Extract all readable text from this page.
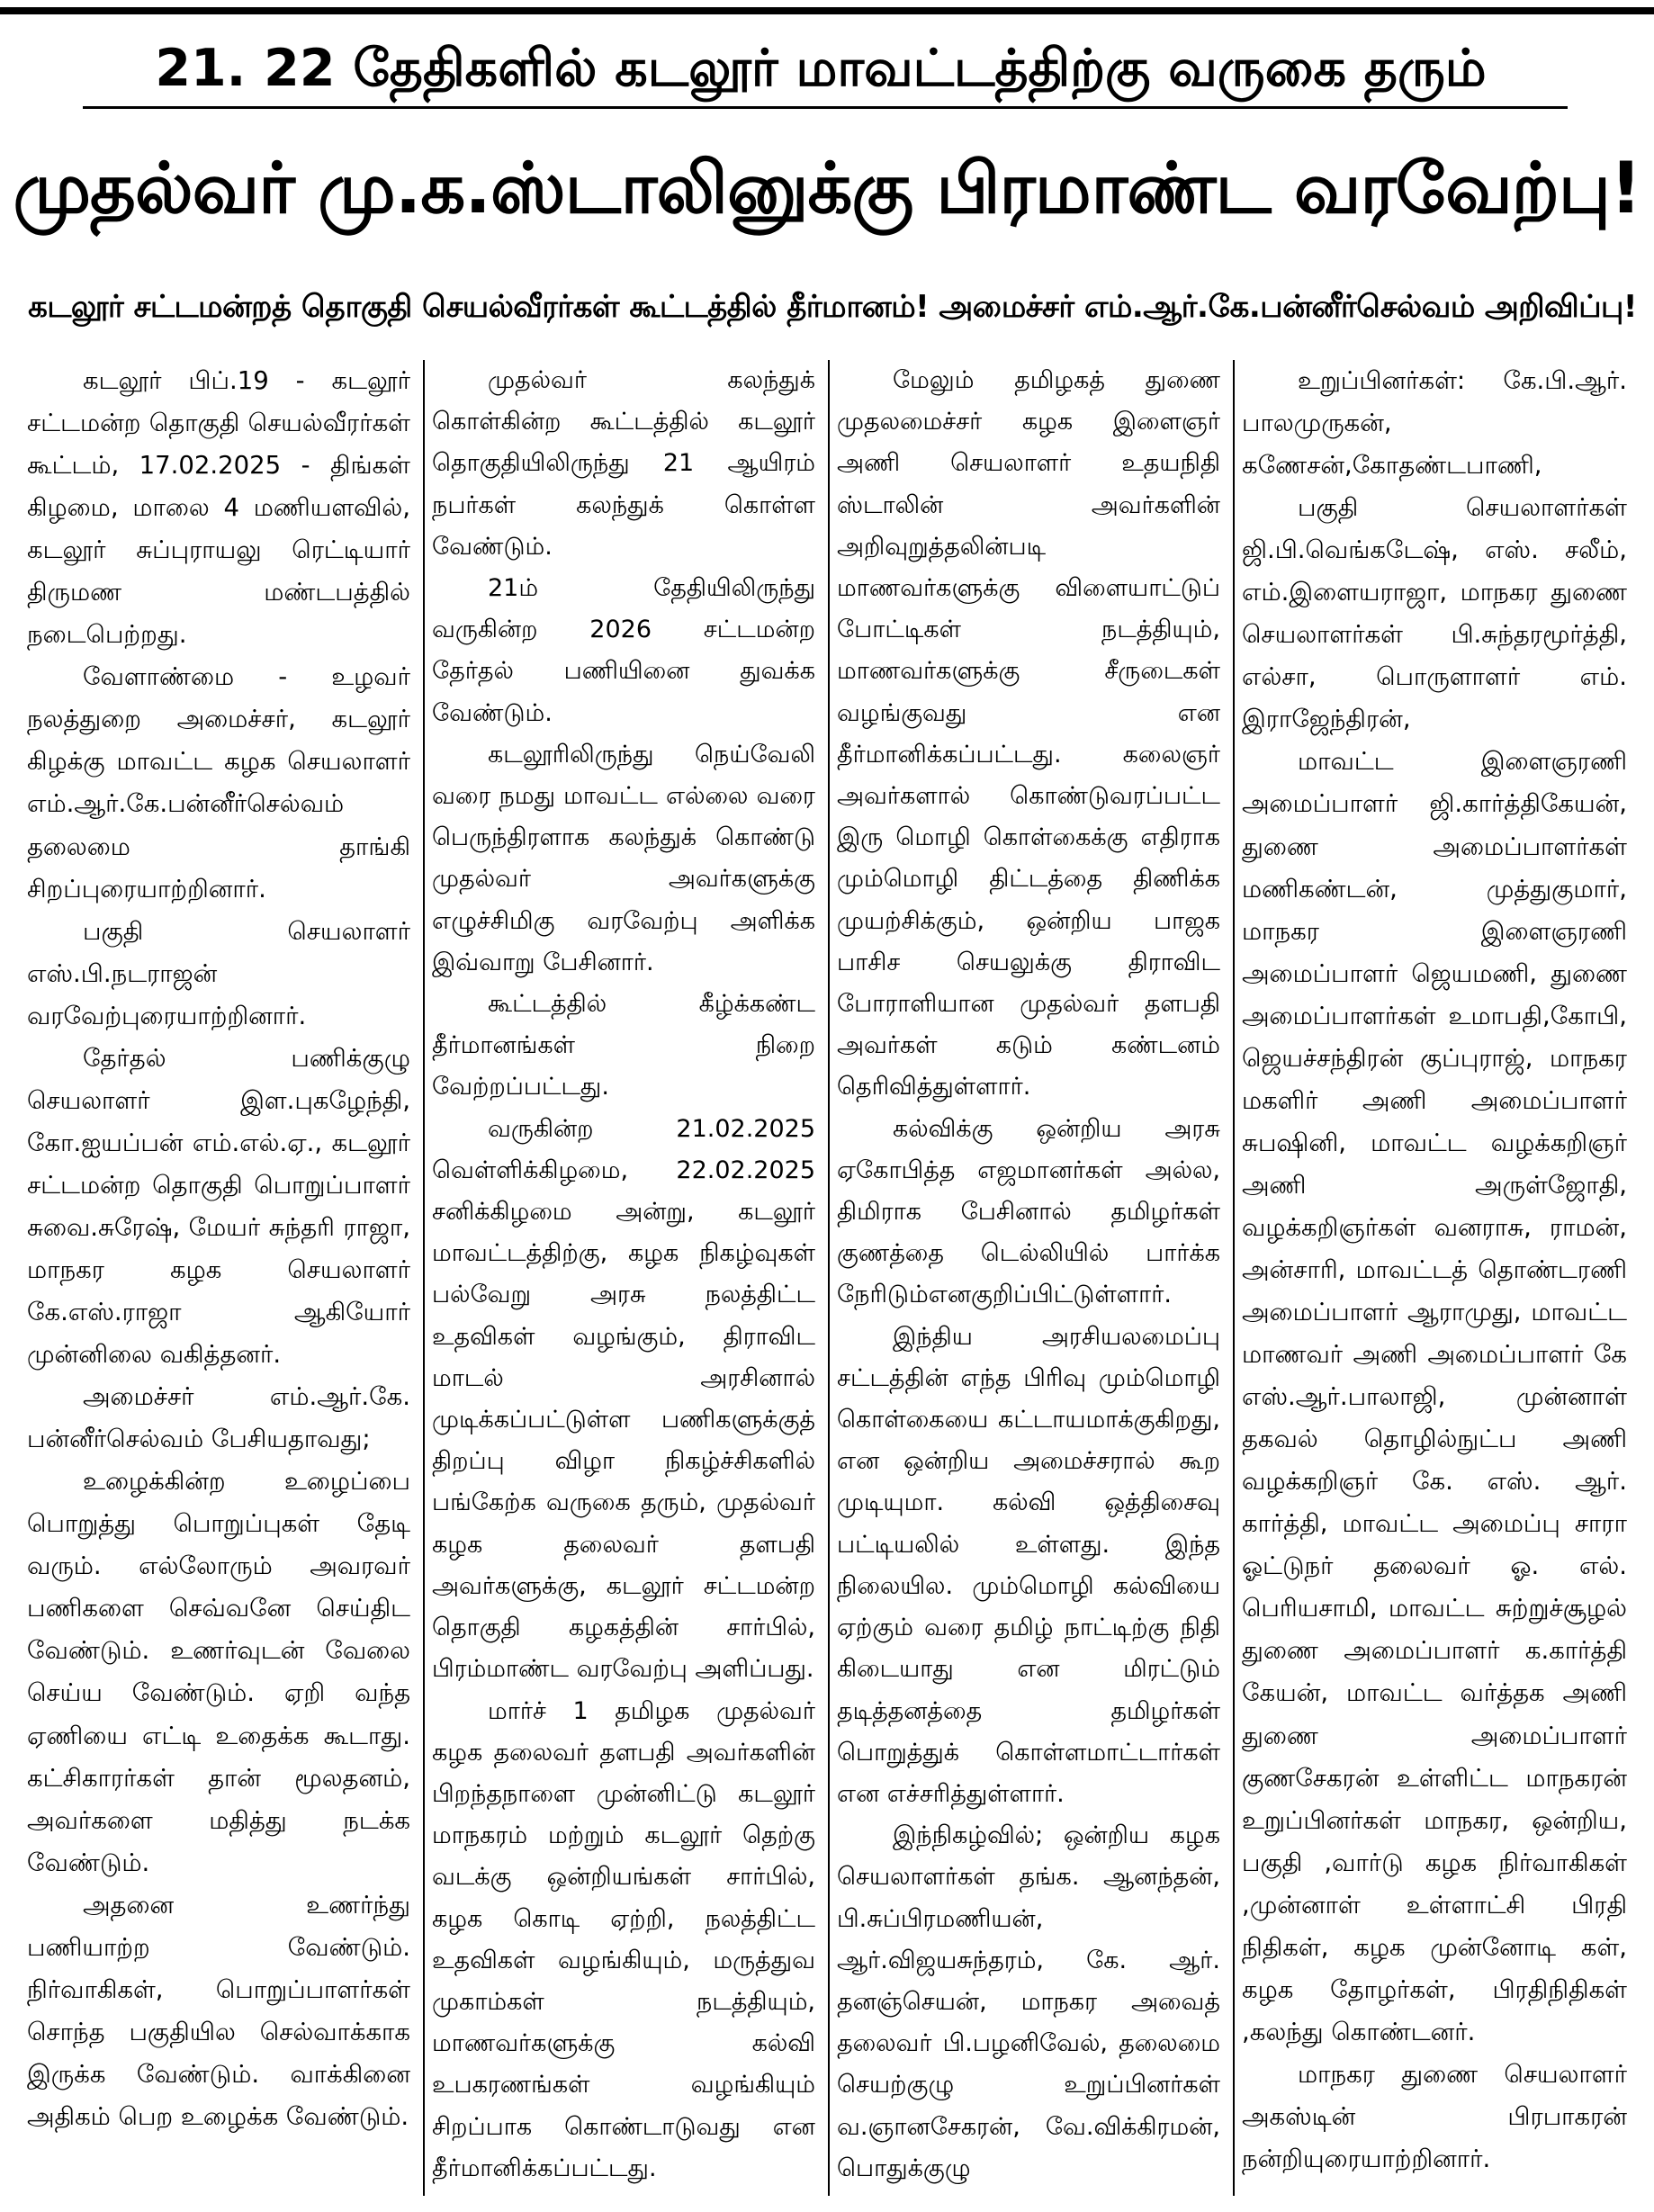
21. 22 தேதிகளில் கடலூர் மாவட்டத்திற்கு வருகை தரும்
முதல்வர் மு.க.ஸ்டாலினுக்கு பிரமாண்ட வரவேற்பு!
கடலூர் சட்டமன்றத் தொகுதி செயல்வீரர்கள் கூட்டத்தில் தீர்மானம்! அமைச்சர் எம்.ஆர்.கே.பன்னீர்செல்வம் அறிவிப்பு!

கடலூர் பிப்.19 - கடலூர் சட்டமன்ற தொகுதி செயல்வீரர்கள் கூட்டம், 17.02.2025 - திங்கள் கிழமை, மாலை 4 மணியளவில், கடலூர் சுப்புராயலு ரெட்டியார் திருமண மண்டபத்தில் நடைபெற்றது.

வேளாண்மை - உழவர் நலத்துறை அமைச்சர், கடலூர் கிழக்கு மாவட்ட கழக செயலாளர் எம்.ஆர்.கே.பன்னீர்செல்வம் தலைமை தாங்கி சிறப்புரையாற்றினார்.

பகுதி செயலாளர் எஸ்.பி.நடராஜன் வரவேற்புரையாற்றினார்.

தேர்தல் பணிக்குழு செயலாளர் இள.புகழேந்தி, கோ.ஐயப்பன் எம்.எல்.ஏ., கடலூர் சட்டமன்ற தொகுதி பொறுப்பாளர் சுவை.சுரேஷ், மேயர் சுந்தரி ராஜா, மாநகர கழக செயலாளர் கே.எஸ்.ராஜா ஆகியோர் முன்னிலை வகித்தனர்.

அமைச்சர் எம்.ஆர்.கே. பன்னீர்செல்வம் பேசியதாவது;

உழைக்கின்ற உழைப்பை பொறுத்து பொறுப்புகள் தேடி வரும். எல்லோரும் அவரவர் பணிகளை செவ்வனே செய்திட வேண்டும். உணர்வுடன் வேலை செய்ய வேண்டும். ஏறி வந்த ஏணியை எட்டி உதைக்க கூடாது. கட்சிகாரர்கள் தான் மூலதனம், அவர்களை மதித்து நடக்க வேண்டும்.

அதனை உணர்ந்து பணியாற்ற வேண்டும். நிர்வாகிகள், பொறுப்பாளர்கள் சொந்த பகுதியில செல்வாக்காக இருக்க வேண்டும். வாக்கினை அதிகம் பெற உழைக்க வேண்டும்.

முதல்வர் கலந்துக் கொள்கின்ற கூட்டத்தில் கடலூர் தொகுதியிலிருந்து 21 ஆயிரம் நபர்கள் கலந்துக் கொள்ள வேண்டும்.

21ம் தேதியிலிருந்து வருகின்ற 2026 சட்டமன்ற தேர்தல் பணியினை துவக்க வேண்டும்.

கடலூரிலிருந்து நெய்வேலி வரை நமது மாவட்ட எல்லை வரை பெருந்திரளாக கலந்துக் கொண்டு முதல்வர் அவர்களுக்கு எழுச்சிமிகு வரவேற்பு அளிக்க இவ்வாறு பேசினார்.

கூட்டத்தில் கீழ்க்கண்ட தீர்மானங்கள் நிறை வேற்றப்பட்டது.

வருகின்ற 21.02.2025 வெள்ளிக்கிழமை, 22.02.2025 சனிக்கிழமை அன்று, கடலூர் மாவட்டத்திற்கு, கழக நிகழ்வுகள் பல்வேறு அரசு நலத்திட்ட உதவிகள் வழங்கும், திராவிட மாடல் அரசினால் முடிக்கப்பட்டுள்ள பணிகளுக்குத் திறப்பு விழா நிகழ்ச்சிகளில் பங்கேற்க வருகை தரும், முதல்வர் கழக தலைவர் தளபதி அவர்களுக்கு, கடலூர் சட்டமன்ற தொகுதி கழகத்தின் சார்பில், பிரம்மாண்ட வரவேற்பு அளிப்பது.

மார்ச் 1 தமிழக முதல்வர் கழக தலைவர் தளபதி அவர்களின் பிறந்தநாளை முன்னிட்டு கடலூர் மாநகரம் மற்றும் கடலூர் தெற்கு வடக்கு ஒன்றியங்கள் சார்பில், கழக கொடி ஏற்றி, நலத்திட்ட உதவிகள் வழங்கியும், மருத்துவ முகாம்கள் நடத்தியும், மாணவர்களுக்கு கல்வி உபகரணங்கள் வழங்கியும் சிறப்பாக கொண்டாடுவது என தீர்மானிக்கப்பட்டது.

மேலும் தமிழகத் துணை முதலமைச்சர் கழக இளைஞர் அணி செயலாளர் உதயநிதி ஸ்டாலின் அவர்களின் அறிவுறுத்தலின்படி மாணவர்களுக்கு விளையாட்டுப் போட்டிகள் நடத்தியும், மாணவர்களுக்கு சீருடைகள் வழங்குவது என தீர்மானிக்கப்பட்டது. கலைஞர் அவர்களால் கொண்டுவரப்பட்ட இரு மொழி கொள்கைக்கு எதிராக மும்மொழி திட்டத்தை திணிக்க முயற்சிக்கும், ஒன்றிய பாஜக பாசிச செயலுக்கு திராவிட போராளியான முதல்வர் தளபதி அவர்கள் கடும் கண்டனம் தெரிவித்துள்ளார்.

கல்விக்கு ஒன்றிய அரசு ஏகோபித்த எஜமானர்கள் அல்ல, திமிராக பேசினால் தமிழர்கள் குணத்தை டெல்லியில் பார்க்க நேரிடும்எனகுறிப்பிட்டுள்ளார்.

இந்திய அரசியலமைப்பு சட்டத்தின் எந்த பிரிவு மும்மொழி கொள்கையை கட்டாயமாக்குகிறது, என ஒன்றிய அமைச்சரால் கூற முடியுமா. கல்வி ஒத்திசைவு பட்டியலில் உள்ளது. இந்த நிலையில. மும்மொழி கல்வியை ஏற்கும் வரை தமிழ் நாட்டிற்கு நிதி கிடையாது என மிரட்டும் தடித்தனத்தை தமிழர்கள் பொறுத்துக் கொள்ளமாட்டார்கள் என எச்சரித்துள்ளார்.

இந்நிகழ்வில்; ஒன்றிய கழக செயலாளர்கள் தங்க. ஆனந்தன், பி.சுப்பிரமணியன், ஆர்.விஜயசுந்தரம், கே. ஆர். தனஞ்செயன், மாநகர அவைத் தலைவர் பி.பழனிவேல், தலைமை செயற்குழு உறுப்பினர்கள் வ.ஞானசேகரன், வே.விக்கிரமன், பொதுக்குழு

உறுப்பினர்கள்: கே.பி.ஆர். பாலமுருகன், கணேசன்,கோதண்டபாணி,

பகுதி செயலாளர்கள் ஜி.பி.வெங்கடேஷ், எஸ். சலீம், எம்.இளையராஜா, மாநகர துணை செயலாளர்கள் பி.சுந்தரமூர்த்தி, எல்சா, பொருளாளர் எம். இராஜேந்திரன்,

மாவட்ட இளைஞரணி அமைப்பாளர் ஜி.கார்த்திகேயன், துணை அமைப்பாளர்கள் மணிகண்டன், முத்துகுமார், மாநகர இளைஞரணி அமைப்பாளர் ஜெயமணி, துணை அமைப்பாளர்கள் உமாபதி,கோபி, ஜெயச்சந்திரன் குப்புராஜ், மாநகர மகளிர் அணி அமைப்பாளர் சுபஷினி, மாவட்ட வழக்கறிஞர் அணி அருள்ஜோதி, வழக்கறிஞர்கள் வனராசு, ராமன், அன்சாரி, மாவட்டத் தொண்டரணி அமைப்பாளர் ஆராமுது, மாவட்ட மாணவர் அணி அமைப்பாளர் கே எஸ்.ஆர்.பாலாஜி, முன்னாள் தகவல் தொழில்நுட்ப அணி வழக்கறிஞர் கே. எஸ். ஆர். கார்த்தி, மாவட்ட அமைப்பு சாரா ஓட்டுநர் தலைவர் ஓ. எல். பெரியசாமி, மாவட்ட சுற்றுச்சூழல் துணை அமைப்பாளர் க.கார்த்தி கேயன், மாவட்ட வர்த்தக அணி துணை அமைப்பாளர் குணசேகரன் உள்ளிட்ட மாநகரன் உறுப்பினர்கள் மாநகர, ஒன்றிய, பகுதி ,வார்டு கழக நிர்வாகிகள் ,முன்னாள் உள்ளாட்சி பிரதி நிதிகள், கழக முன்னோடி கள், கழக தோழர்கள், பிரதிநிதிகள் ,கலந்து கொண்டனர்.

மாநகர துணை செயலாளர் அகஸ்டின் பிரபாகரன் நன்றியுரையாற்றினார்.
